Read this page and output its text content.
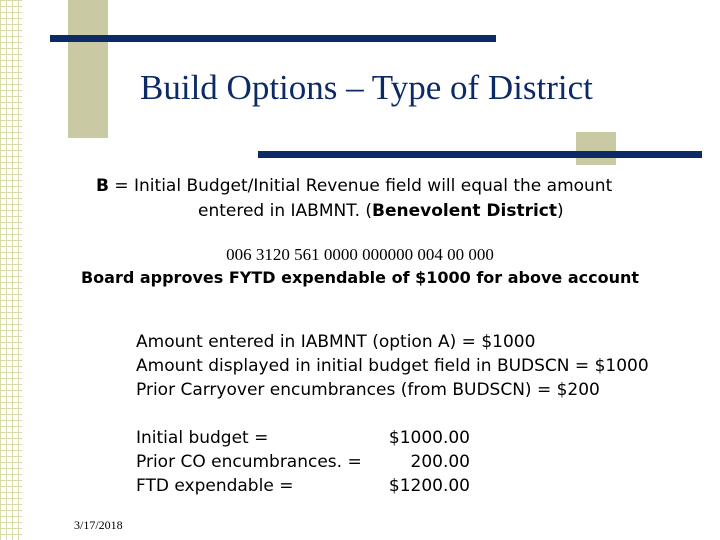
Build Options – Type of District
B = Initial Budget/Initial Revenue field will equal the amount
entered in IABMNT. (Benevolent District)
006 3120 561 0000 000000 004 00 000
Board approves FYTD expendable of $1000 for above account
Amount entered in IABMNT (option A) = $1000
Amount displayed in initial budget field in BUDSCN = $1000
Prior Carryover encumbrances (from BUDSCN) = $200
Initial budget =	$1000.00
Prior CO encumbrances. =	200.00
FTD expendable =	$1200.00
3/17/2018
